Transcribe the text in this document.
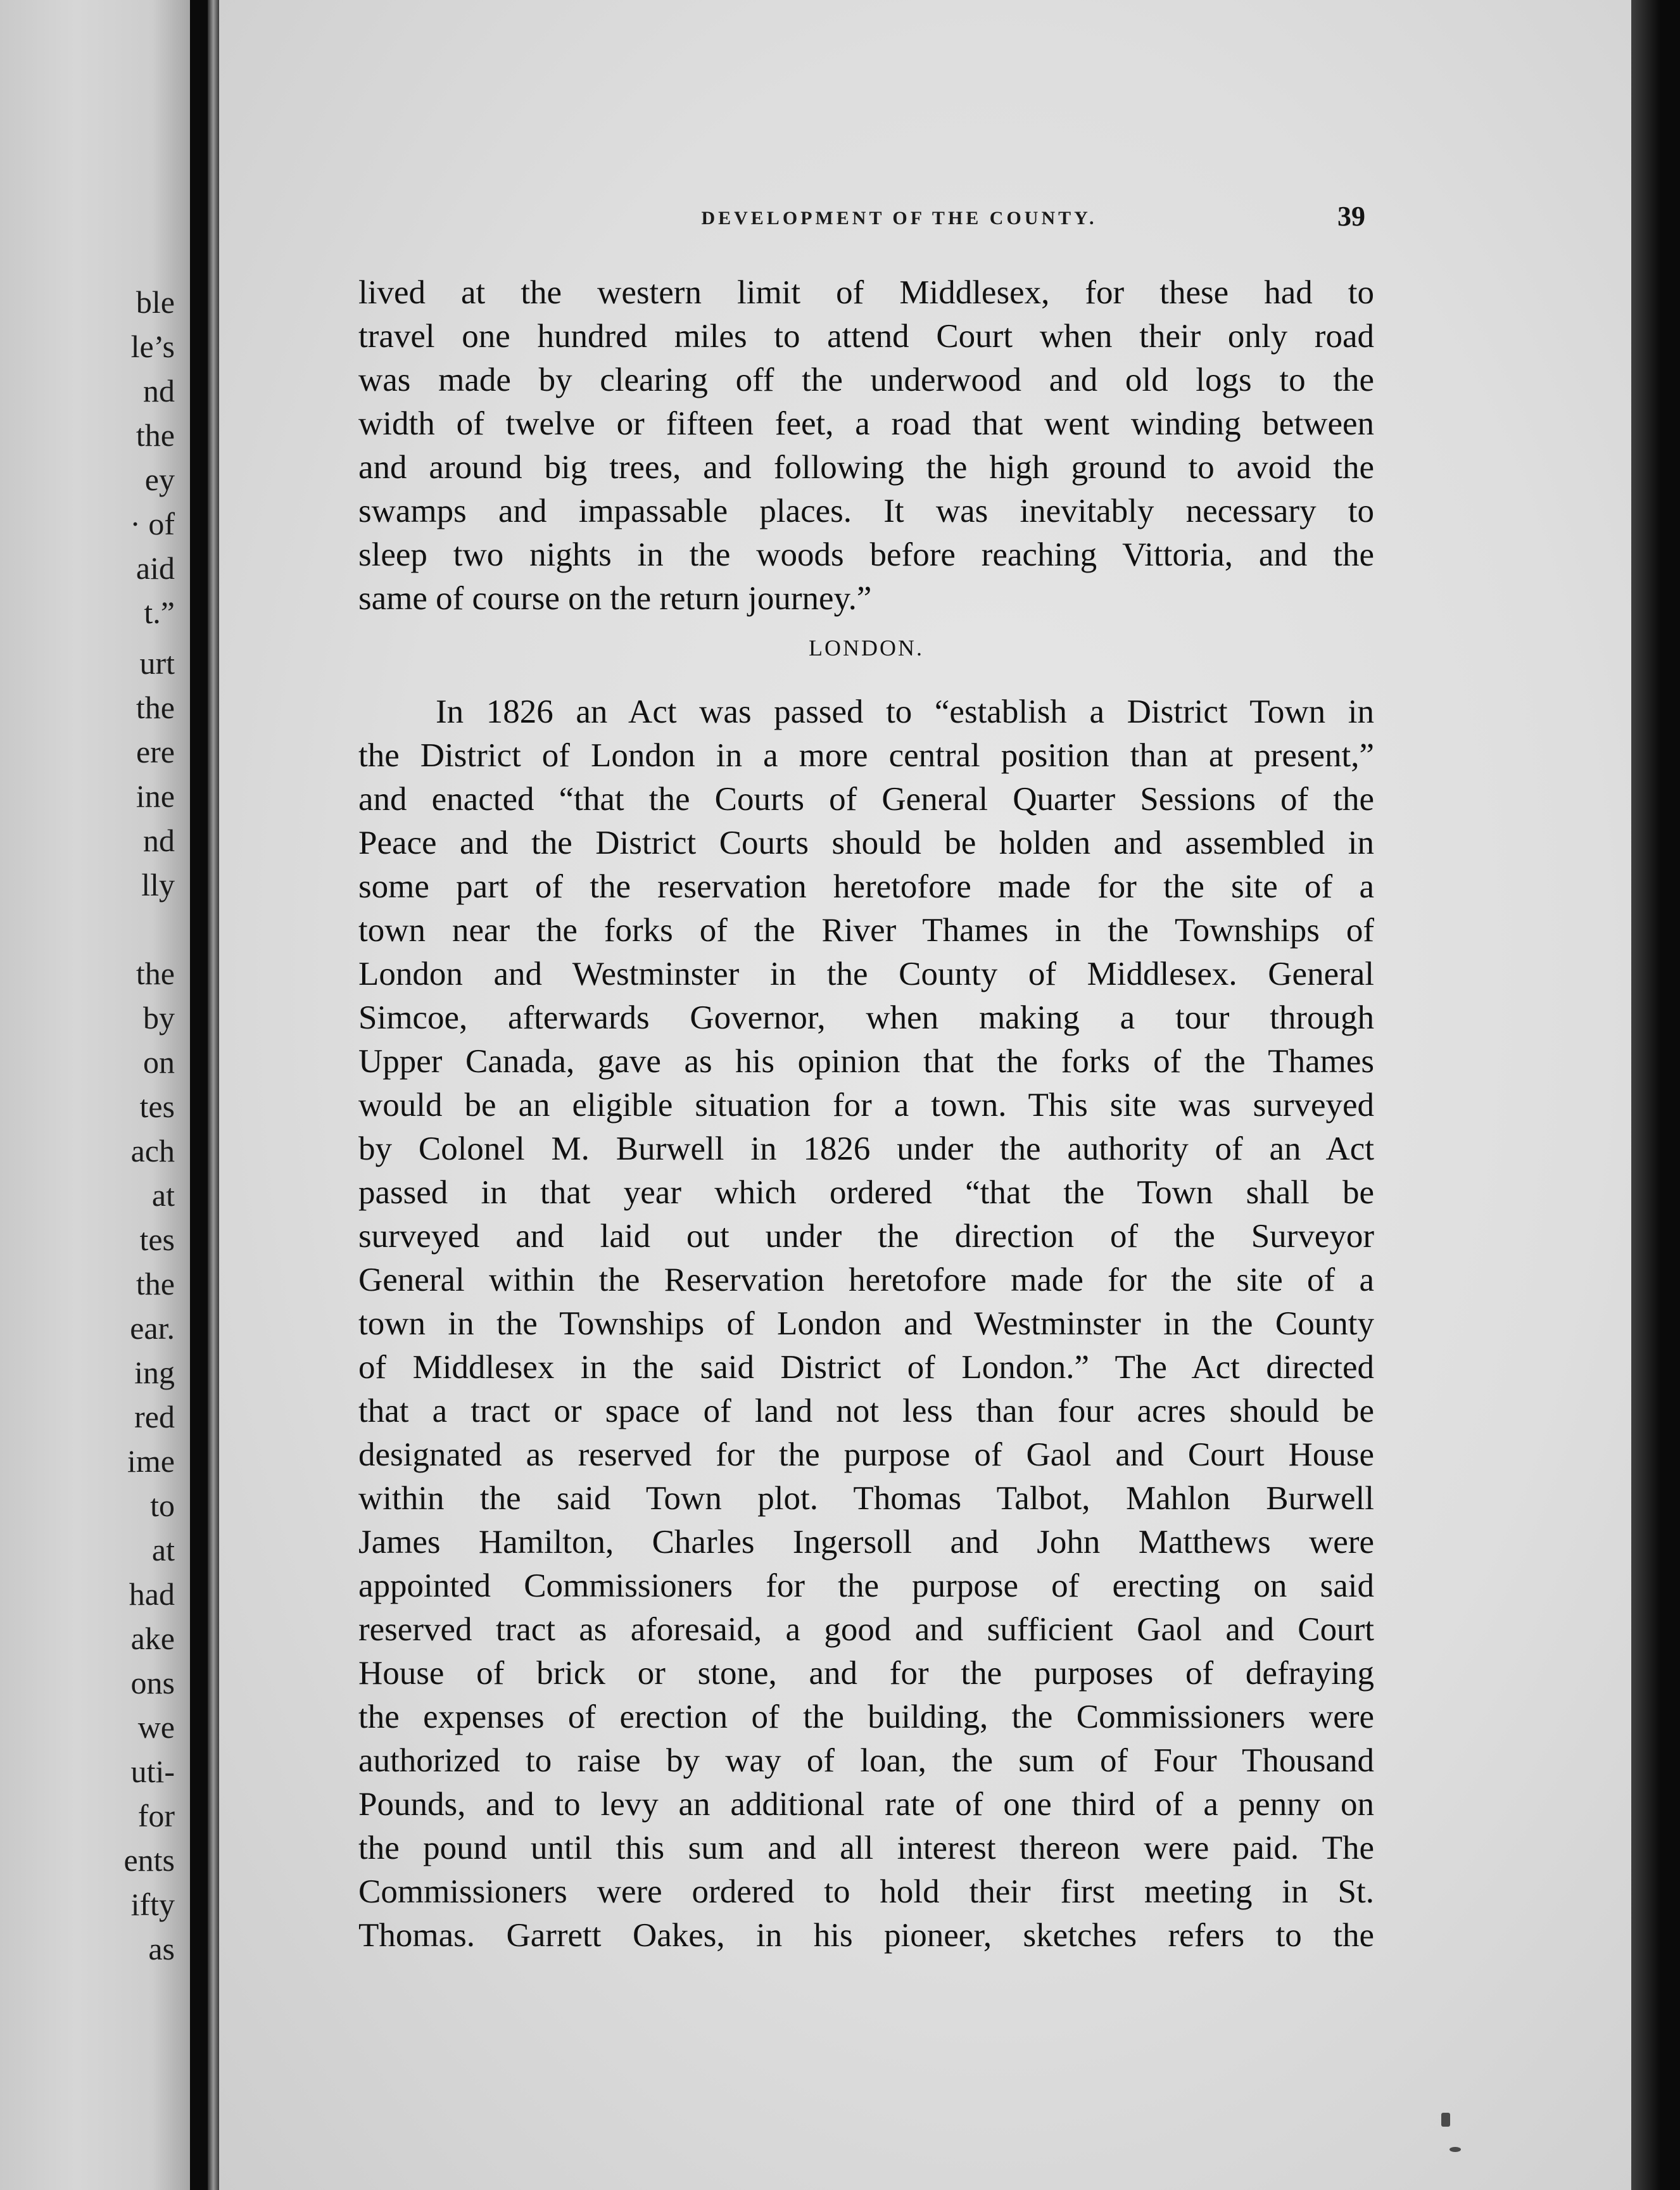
ble
le’s
nd
the
ey
· of
aid
t.”
urt
the
ere
ine
nd
lly
the
by
on
tes
ach
at
tes
the
ear.
ing
red
ime
to
at
had
ake
ons
we
uti-
for
ents
ifty
as
DEVELOPMENT OF THE COUNTY.	39
lived at the western limit of Middlesex, for these had to
travel one hundred miles to attend Court when their only road
was made by clearing off the underwood and old logs to the
width of twelve or fifteen feet, a road that went winding between
and around big trees, and following the high ground to avoid the
swamps and impassable places. It was inevitably necessary to
sleep two nights in the woods before reaching Vittoria, and the
same of course on the return journey.”
LONDON.
In 1826 an Act was passed to “establish a District Town in
the District of London in a more central position than at present,”
and enacted “that the Courts of General Quarter Sessions of the
Peace and the District Courts should be holden and assembled in
some part of the reservation heretofore made for the site of a
town near the forks of the River Thames in the Townships of
London and Westminster in the County of Middlesex. General
Simcoe, afterwards Governor, when making a tour through
Upper Canada, gave as his opinion that the forks of the Thames
would be an eligible situation for a town. This site was surveyed
by Colonel M. Burwell in 1826 under the authority of an Act
passed in that year which ordered “that the Town shall be
surveyed and laid out under the direction of the Surveyor
General within the Reservation heretofore made for the site of a
town in the Townships of London and Westminster in the County
of Middlesex in the said District of London.” The Act directed
that a tract or space of land not less than four acres should be
designated as reserved for the purpose of Gaol and Court House
within the said Town plot. Thomas Talbot, Mahlon Burwell
James Hamilton, Charles Ingersoll and John Matthews were
appointed Commissioners for the purpose of erecting on said
reserved tract as aforesaid, a good and sufficient Gaol and Court
House of brick or stone, and for the purposes of defraying
the expenses of erection of the building, the Commissioners were
authorized to raise by way of loan, the sum of Four Thousand
Pounds, and to levy an additional rate of one third of a penny on
the pound until this sum and all interest thereon were paid. The
Commissioners were ordered to hold their first meeting in St.
Thomas. Garrett Oakes, in his pioneer, sketches refers to the
